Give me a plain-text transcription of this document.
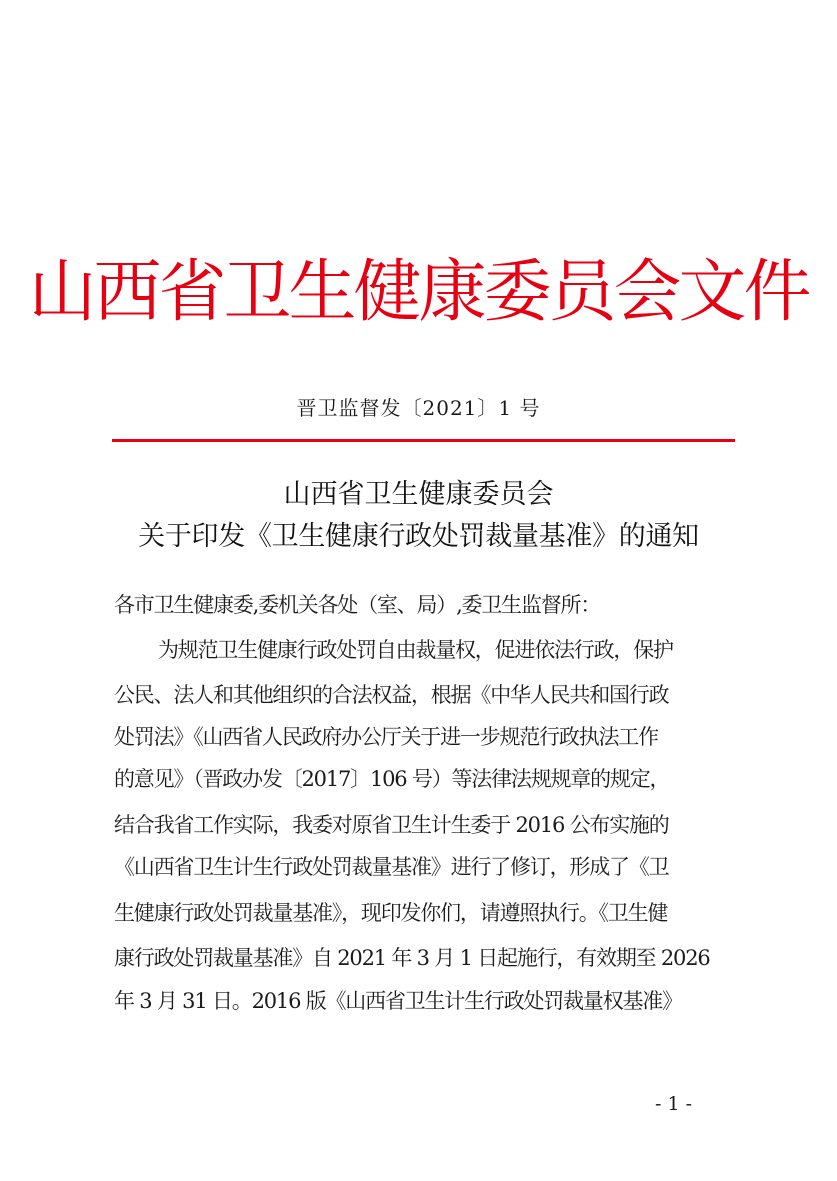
山西省卫生健康委员会文件
晋卫监督发〔2021〕1 号
山西省卫生健康委员会
关于印发《卫生健康行政处罚裁量基准》的通知
各市卫生健康委,委机关各处（室、局）,委卫生监督所：
为规范卫生健康行政处罚自由裁量权，促进依法行政，保护
公民、法人和其他组织的合法权益，根据《中华人民共和国行政
处罚法》《山西省人民政府办公厅关于进一步规范行政执法工作
的意见》（晋政办发〔2017〕106 号）等法律法规规章的规定，
结合我省工作实际，我委对原省卫生计生委于 2016 公布实施的
《山西省卫生计生行政处罚裁量基准》进行了修订，形成了《卫
生健康行政处罚裁量基准》，现印发你们，请遵照执行。《卫生健
康行政处罚裁量基准》自 2021 年 3 月 1 日起施行，有效期至 2026
年 3 月 31 日。2016 版《山西省卫生计生行政处罚裁量权基准》
- 1 -
